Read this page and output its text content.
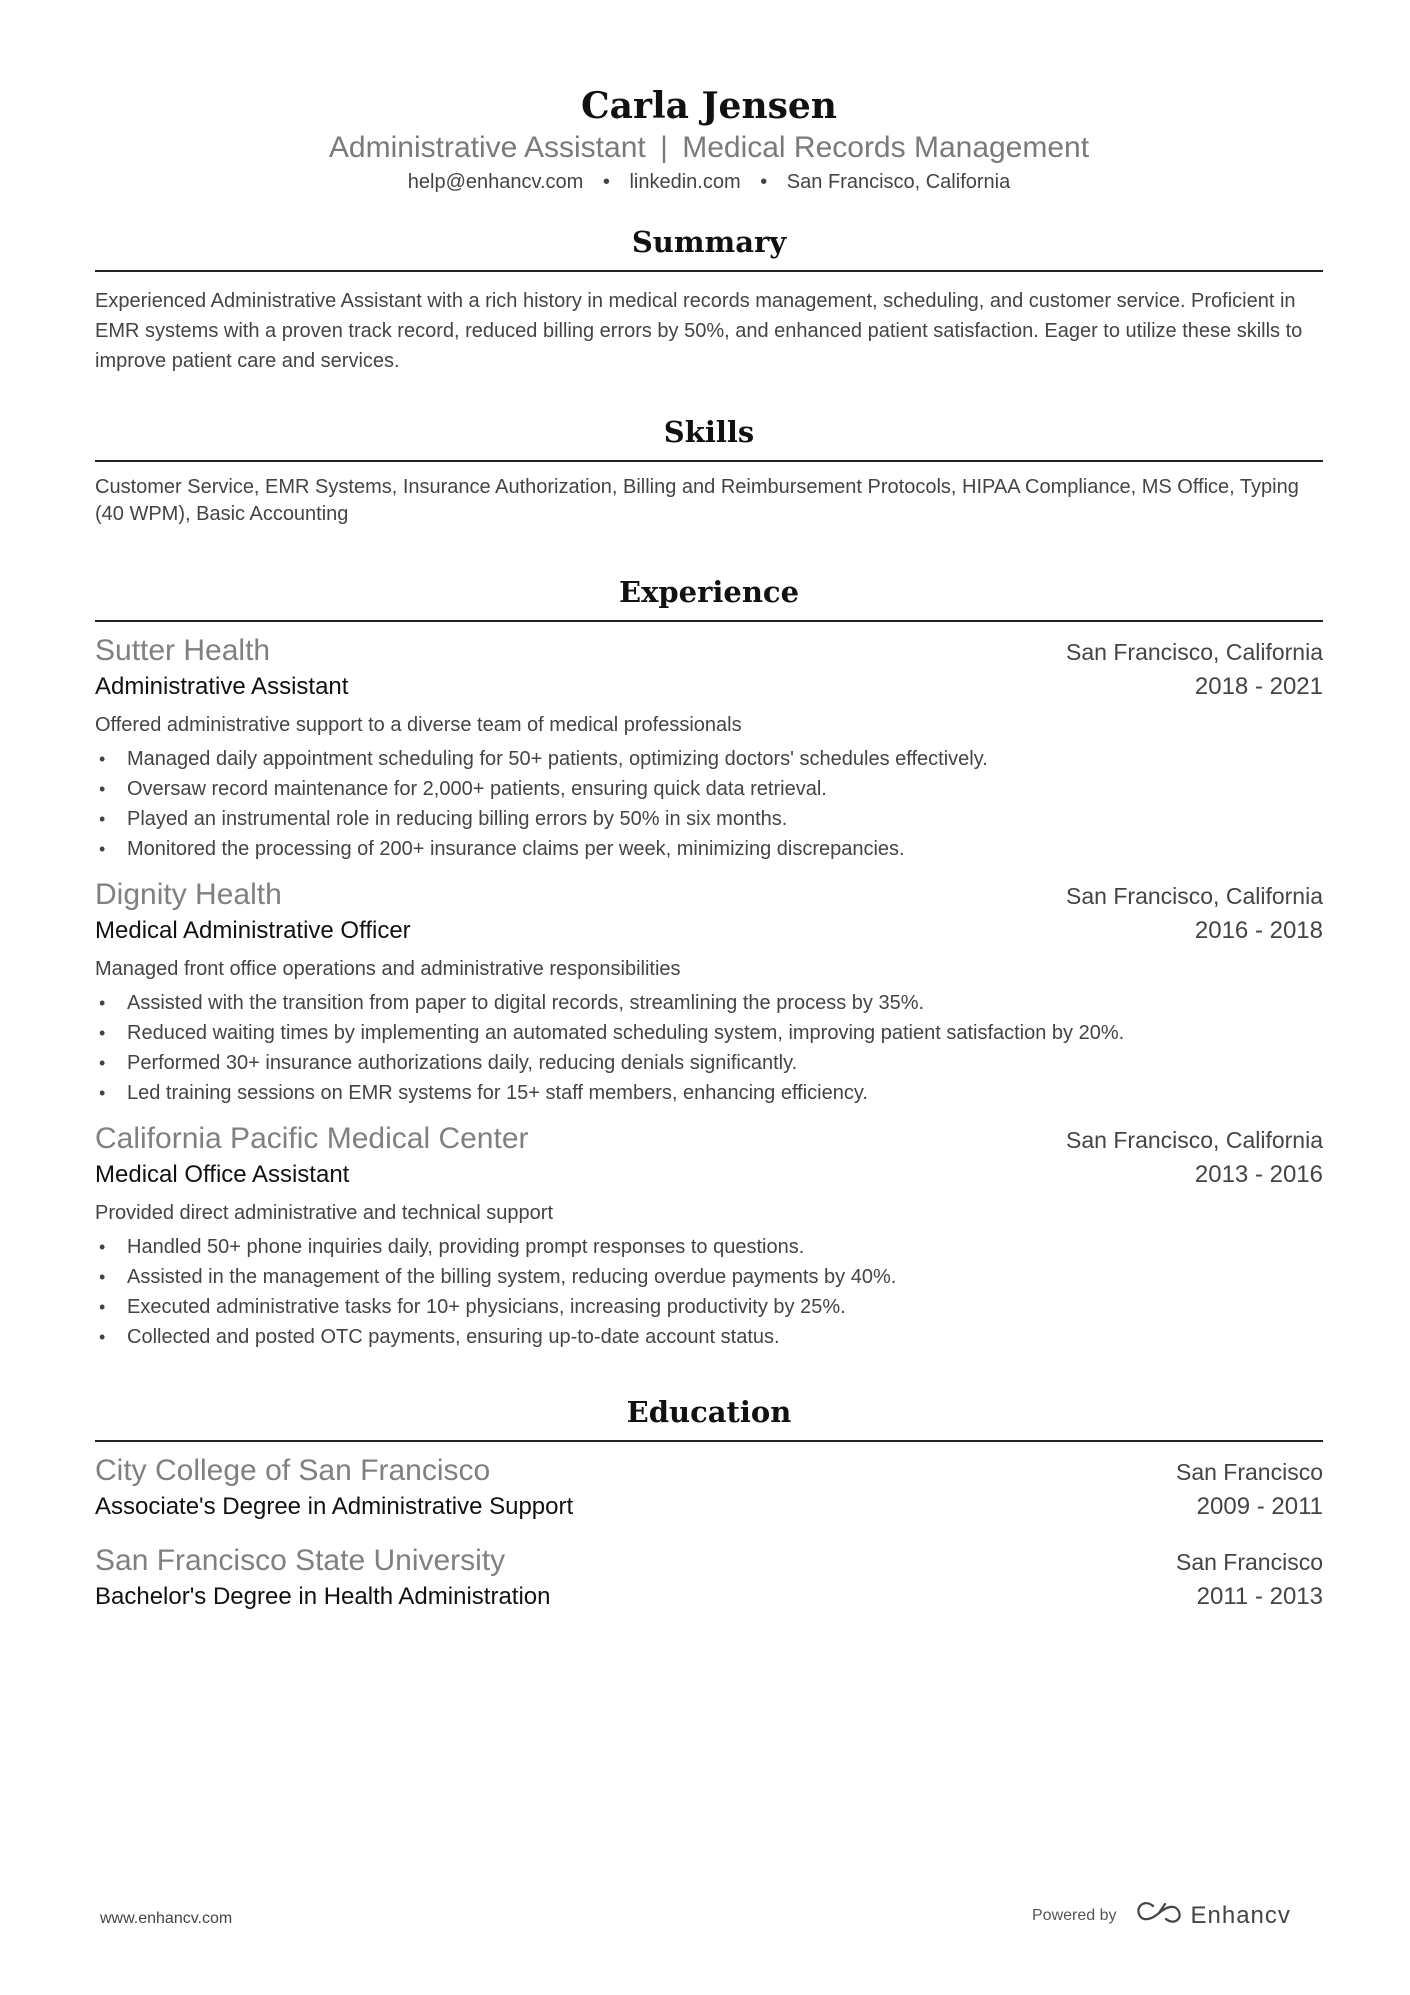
Carla Jensen
Administrative Assistant | Medical Records Management
help@enhancv.com • linkedin.com • San Francisco, California
Summary
Experienced Administrative Assistant with a rich history in medical records management, scheduling, and customer service. Proficient in EMR systems with a proven track record, reduced billing errors by 50%, and enhanced patient satisfaction. Eager to utilize these skills to improve patient care and services.
Skills
Customer Service, EMR Systems, Insurance Authorization, Billing and Reimbursement Protocols, HIPAA Compliance, MS Office, Typing (40 WPM), Basic Accounting
Experience
Sutter Health	San Francisco, California
Administrative Assistant	2018 - 2021
Offered administrative support to a diverse team of medical professionals
• Managed daily appointment scheduling for 50+ patients, optimizing doctors' schedules effectively.
• Oversaw record maintenance for 2,000+ patients, ensuring quick data retrieval.
• Played an instrumental role in reducing billing errors by 50% in six months.
• Monitored the processing of 200+ insurance claims per week, minimizing discrepancies.
Dignity Health	San Francisco, California
Medical Administrative Officer	2016 - 2018
Managed front office operations and administrative responsibilities
• Assisted with the transition from paper to digital records, streamlining the process by 35%.
• Reduced waiting times by implementing an automated scheduling system, improving patient satisfaction by 20%.
• Performed 30+ insurance authorizations daily, reducing denials significantly.
• Led training sessions on EMR systems for 15+ staff members, enhancing efficiency.
California Pacific Medical Center	San Francisco, California
Medical Office Assistant	2013 - 2016
Provided direct administrative and technical support
• Handled 50+ phone inquiries daily, providing prompt responses to questions.
• Assisted in the management of the billing system, reducing overdue payments by 40%.
• Executed administrative tasks for 10+ physicians, increasing productivity by 25%.
• Collected and posted OTC payments, ensuring up-to-date account status.
Education
City College of San Francisco	San Francisco
Associate's Degree in Administrative Support	2009 - 2011
San Francisco State University	San Francisco
Bachelor's Degree in Health Administration	2011 - 2013
www.enhancv.com	Powered by	Enhancv
